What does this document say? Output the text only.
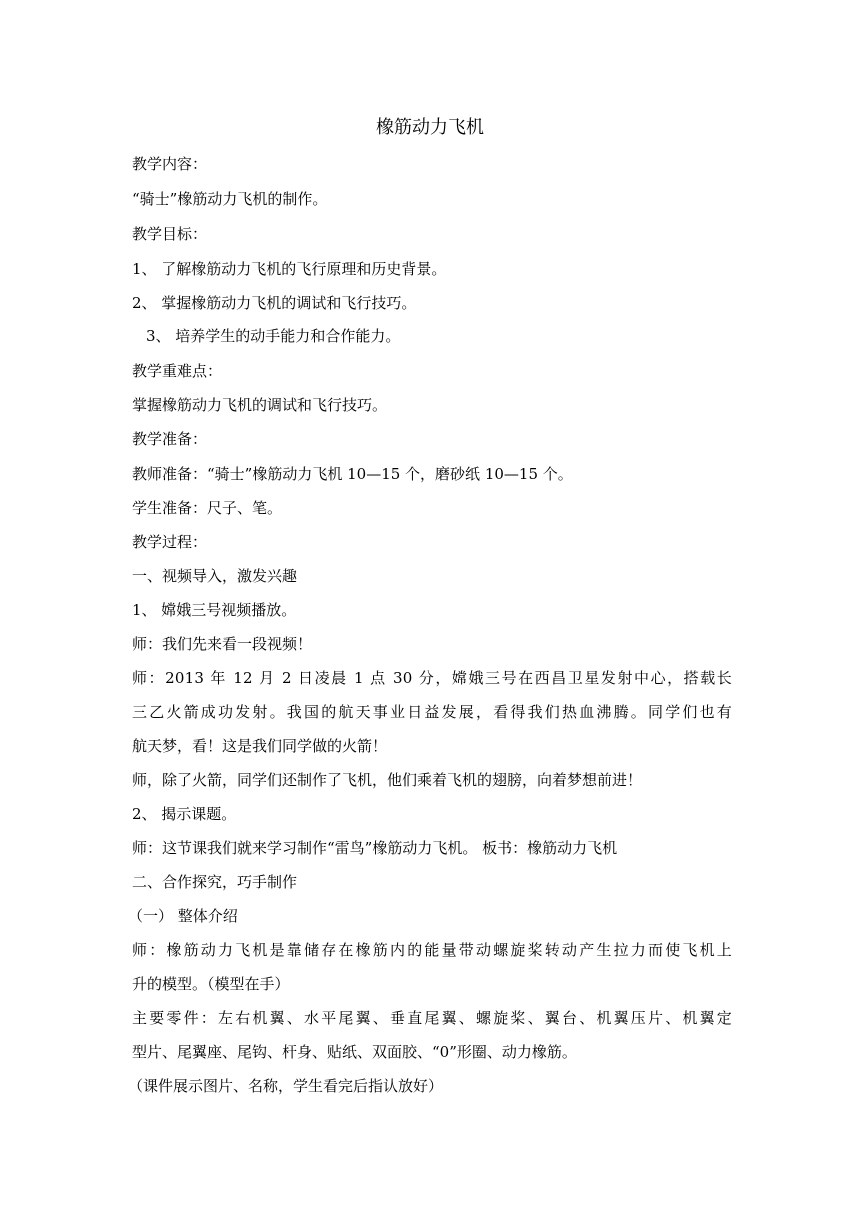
橡筋动力飞机
教学内容：
“骑士”橡筋动力飞机的制作。
教学目标：
1、 了解橡筋动力飞机的飞行原理和历史背景。
2、 掌握橡筋动力飞机的调试和飞行技巧。
3、 培养学生的动手能力和合作能力。
教学重难点：
掌握橡筋动力飞机的调试和飞行技巧。
教学准备：
教师准备：“骑士”橡筋动力飞机 10—15 个，磨砂纸 10—15 个。
学生准备：尺子、笔。
教学过程：
一、视频导入，激发兴趣
1、 嫦娥三号视频播放。
师：我们先来看一段视频！
师：2013 年 12 月 2 日凌晨 1 点 30 分，嫦娥三号在西昌卫星发射中心，搭载长
三乙火箭成功发射。我国的航天事业日益发展，看得我们热血沸腾。同学们也有
航天梦，看！这是我们同学做的火箭！
师，除了火箭，同学们还制作了飞机，他们乘着飞机的翅膀，向着梦想前进！
2、 揭示课题。
师：这节课我们就来学习制作“雷鸟”橡筋动力飞机。 板书：橡筋动力飞机
二、合作探究，巧手制作
（一） 整体介绍
师：橡筋动力飞机是靠储存在橡筋内的能量带动螺旋桨转动产生拉力而使飞机上
升的模型。（模型在手）
主要零件：左右机翼、水平尾翼、垂直尾翼、螺旋桨、翼台、机翼压片、机翼定
型片、尾翼座、尾钩、杆身、贴纸、双面胶、“0”形圈、动力橡筋。
（课件展示图片、名称，学生看完后指认放好）
